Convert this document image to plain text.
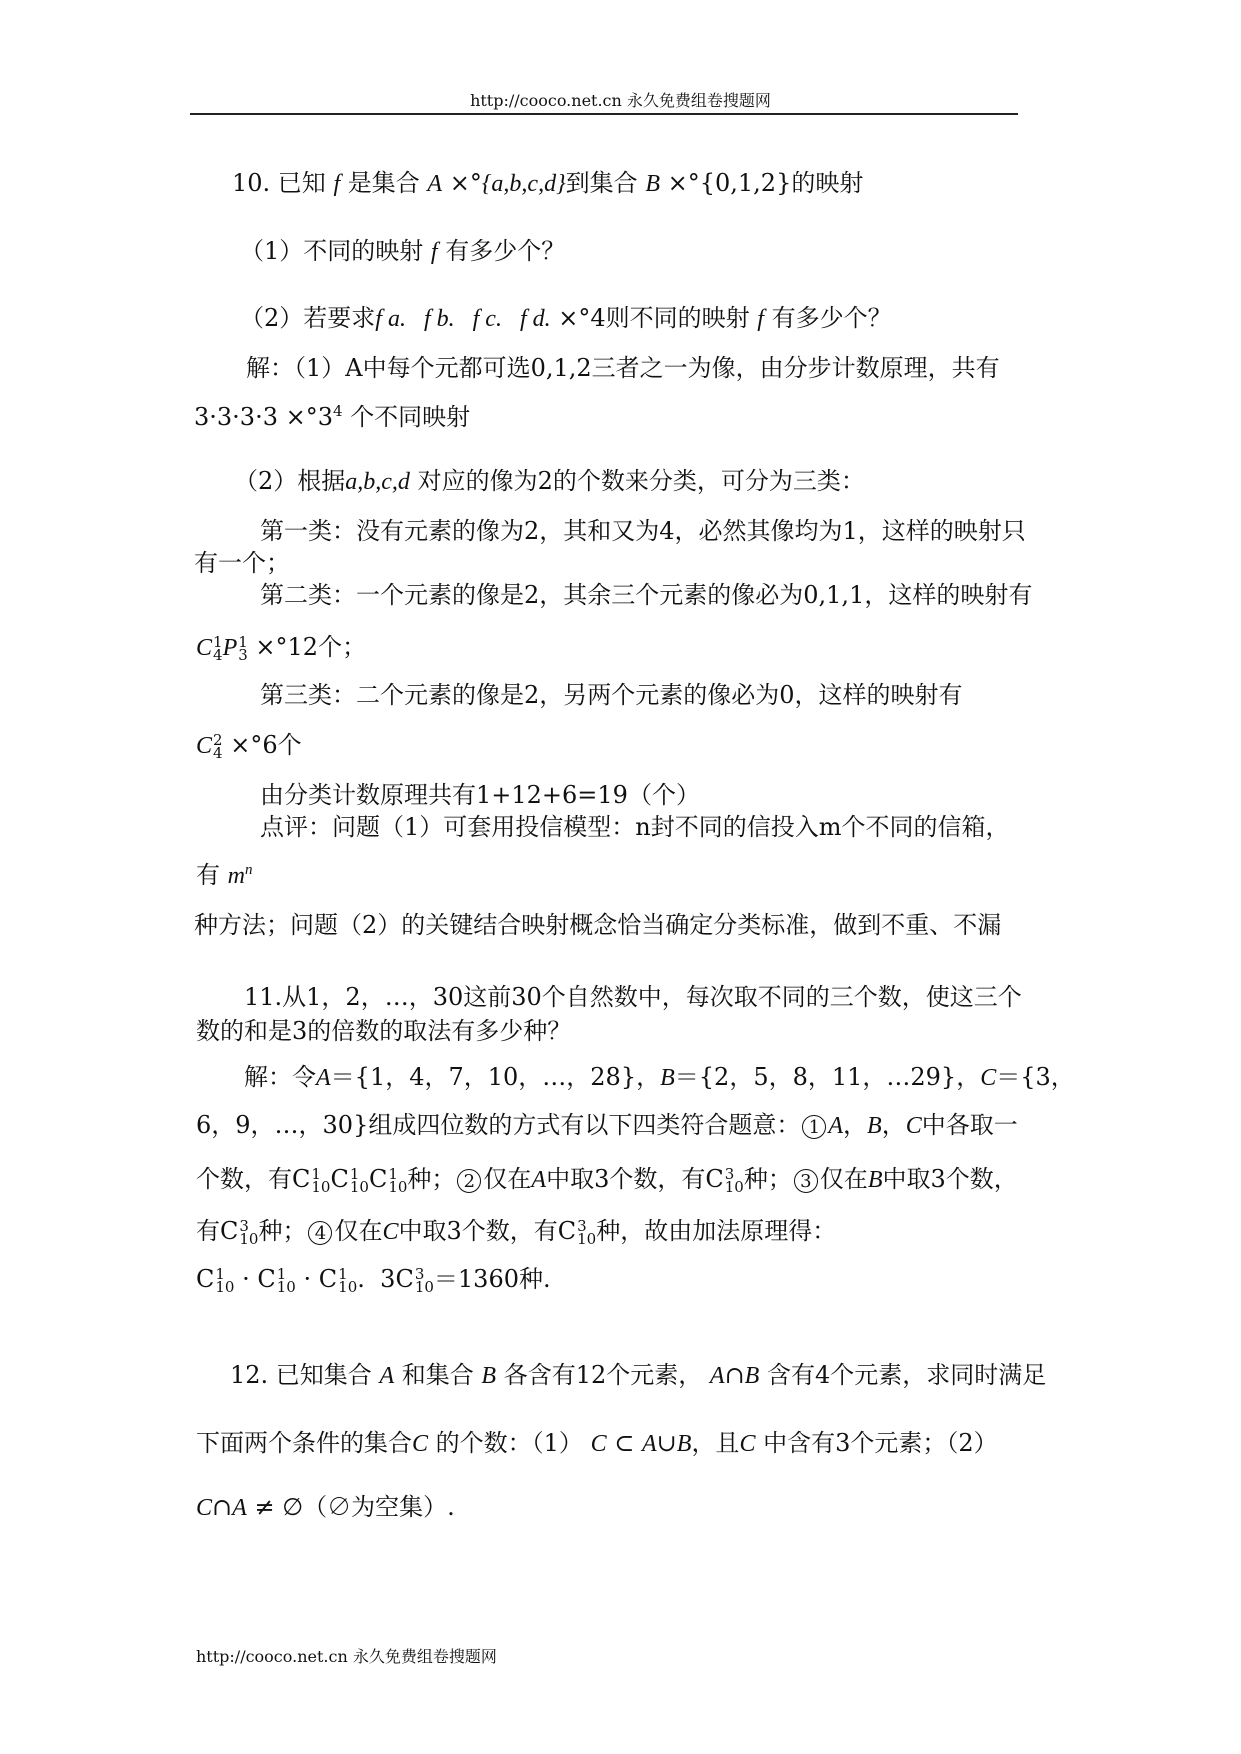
http://cooco.net.cn 永久免费组卷搜题网
10. 已知 f 是集合 A ×°{a,b,c,d}到集合 B ×°{0,1,2}的映射
（1）不同的映射 f 有多少个？
（2）若要求f a.   f b.   f c.   f d. ×°4则不同的映射 f 有多少个？
解：（1）A中每个元都可选0,1,2三者之一为像，由分步计数原理，共有
$3\cdot 3\cdot 3\cdot 3 \times^\circ 3^4$ 个不同映射
（2）根据a,b,c,d 对应的像为2的个数来分类，可分为三类：
第一类：没有元素的像为2，其和又为4，必然其像均为1，这样的映射只
有一个；
第二类：一个元素的像是2，其余三个元素的像必为0,1,1，这样的映射有
C 1
4 P 1
3 ×°12个；
第三类：二个元素的像是2，另两个元素的像必为0，这样的映射有
C 2
4 ×°6个
由分类计数原理共有1+12+6=19（个）
点评：问题（1）可套用投信模型：n封不同的信投入m个不同的信箱，
有 $m^n$
种方法；问题（2）的关键结合映射概念恰当确定分类标准，做到不重、不漏
11.从1，2，…，30这前30个自然数中，每次取不同的三个数，使这三个
数的和是3的倍数的取法有多少种？
解：令A＝{1，4，7，10，…，28}，B＝{2，5，8，11，…29}，C＝{3，
6，9，…，30}组成四位数的方式有以下四类符合题意： 1 A，B，C中各取一
个数，有C 1
10 C 1
10 C 1
10 种； 2 仅在A中取3个数，有C 3
10 种； 3 仅在B中取3个数，
有C 3
10 种； 4 仅在C中取3个数，有C 3
10 种，故由加法原理得：
C 1
10 · C 1
10 · C 1
10 . 3C 3
10 ＝1360种.
12. 已知集合 A 和集合 B 各含有12个元素， A∩B 含有4个元素，求同时满足
下面两个条件的集合C 的个数：（1） C ⊂ A∪B，且C 中含有3个元素；（2）
C∩A ≠ ∅（∅为空集）.
http://cooco.net.cn 永久免费组卷搜题网
